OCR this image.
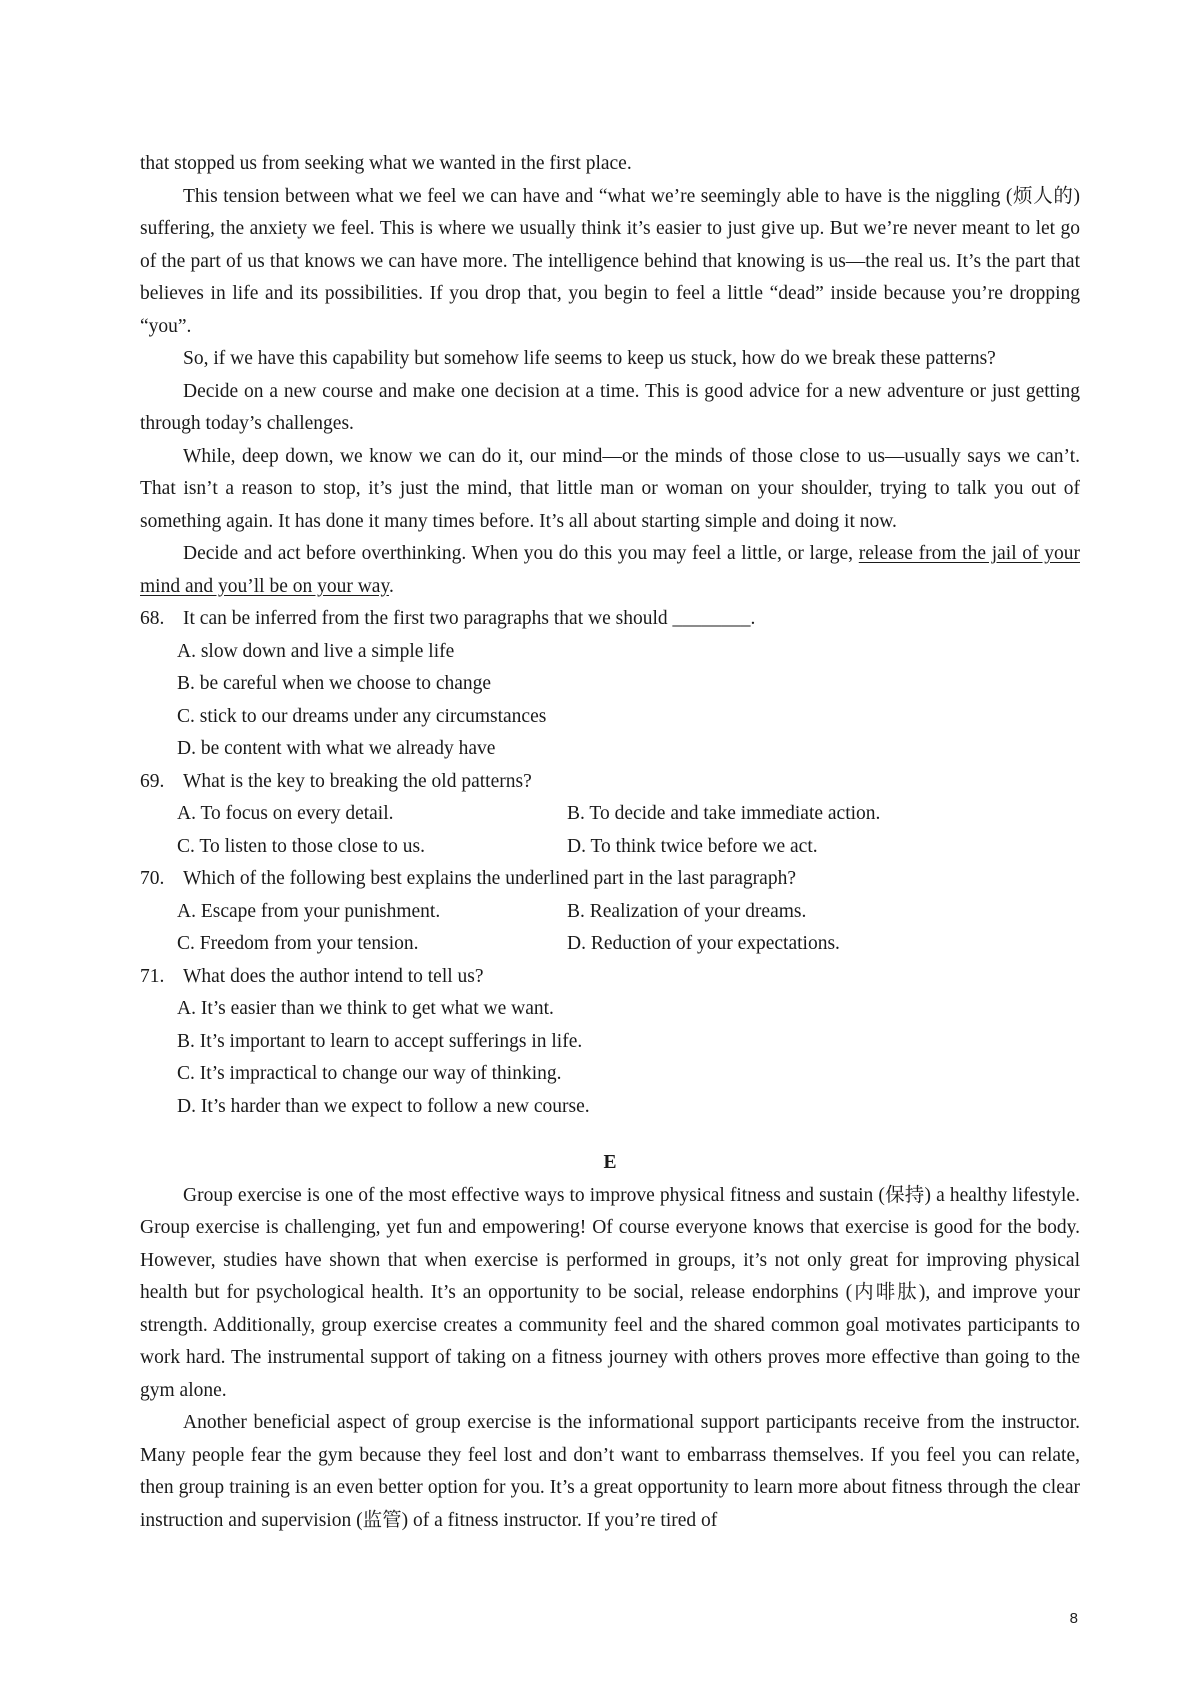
that stopped us from seeking what we wanted in the first place.

This tension between what we feel we can have and “what we’re seemingly able to have is the niggling (烦人的) suffering, the anxiety we feel. This is where we usually think it’s easier to just give up. But we’re never meant to let go of the part of us that knows we can have more. The intelligence behind that knowing is us—the real us. It’s the part that believes in life and its possibilities. If you drop that, you begin to feel a little “dead” inside because you’re dropping “you”.

So, if we have this capability but somehow life seems to keep us stuck, how do we break these patterns?

Decide on a new course and make one decision at a time. This is good advice for a new adventure or just getting through today’s challenges.

While, deep down, we know we can do it, our mind—or the minds of those close to us—usually says we can’t. That isn’t a reason to stop, it’s just the mind, that little man or woman on your shoulder, trying to talk you out of something again. It has done it many times before. It’s all about starting simple and doing it now.

Decide and act before overthinking. When you do this you may feel a little, or large, release from the jail of your mind and you’ll be on your way.

68. It can be inferred from the first two paragraphs that we should ________.

A. slow down and live a simple life

B. be careful when we choose to change

C. stick to our dreams under any circumstances

D. be content with what we already have

69. What is the key to breaking the old patterns?
A. To focus on every detail.	B. To decide and take immediate action.
C. To listen to those close to us.	D. To think twice before we act.
70. Which of the following best explains the underlined part in the last paragraph?
A. Escape from your punishment.	B. Realization of your dreams.
C. Freedom from your tension.	D. Reduction of your expectations.
71. What does the author intend to tell us?

A. It’s easier than we think to get what we want.

B. It’s important to learn to accept sufferings in life.

C. It’s impractical to change our way of thinking.

D. It’s harder than we expect to follow a new course.

E

Group exercise is one of the most effective ways to improve physical fitness and sustain (保持) a healthy lifestyle. Group exercise is challenging, yet fun and empowering! Of course everyone knows that exercise is good for the body. However, studies have shown that when exercise is performed in groups, it’s not only great for improving physical health but for psychological health. It’s an opportunity to be social, release endorphins (内啡肽), and improve your strength. Additionally, group exercise creates a community feel and the shared common goal motivates participants to work hard. The instrumental support of taking on a fitness journey with others proves more effective than going to the gym alone.

Another beneficial aspect of group exercise is the informational support participants receive from the instructor. Many people fear the gym because they feel lost and don’t want to embarrass themselves. If you feel you can relate, then group training is an even better option for you. It’s a great opportunity to learn more about fitness through the clear instruction and supervision (监管) of a fitness instructor. If you’re tired of

8
